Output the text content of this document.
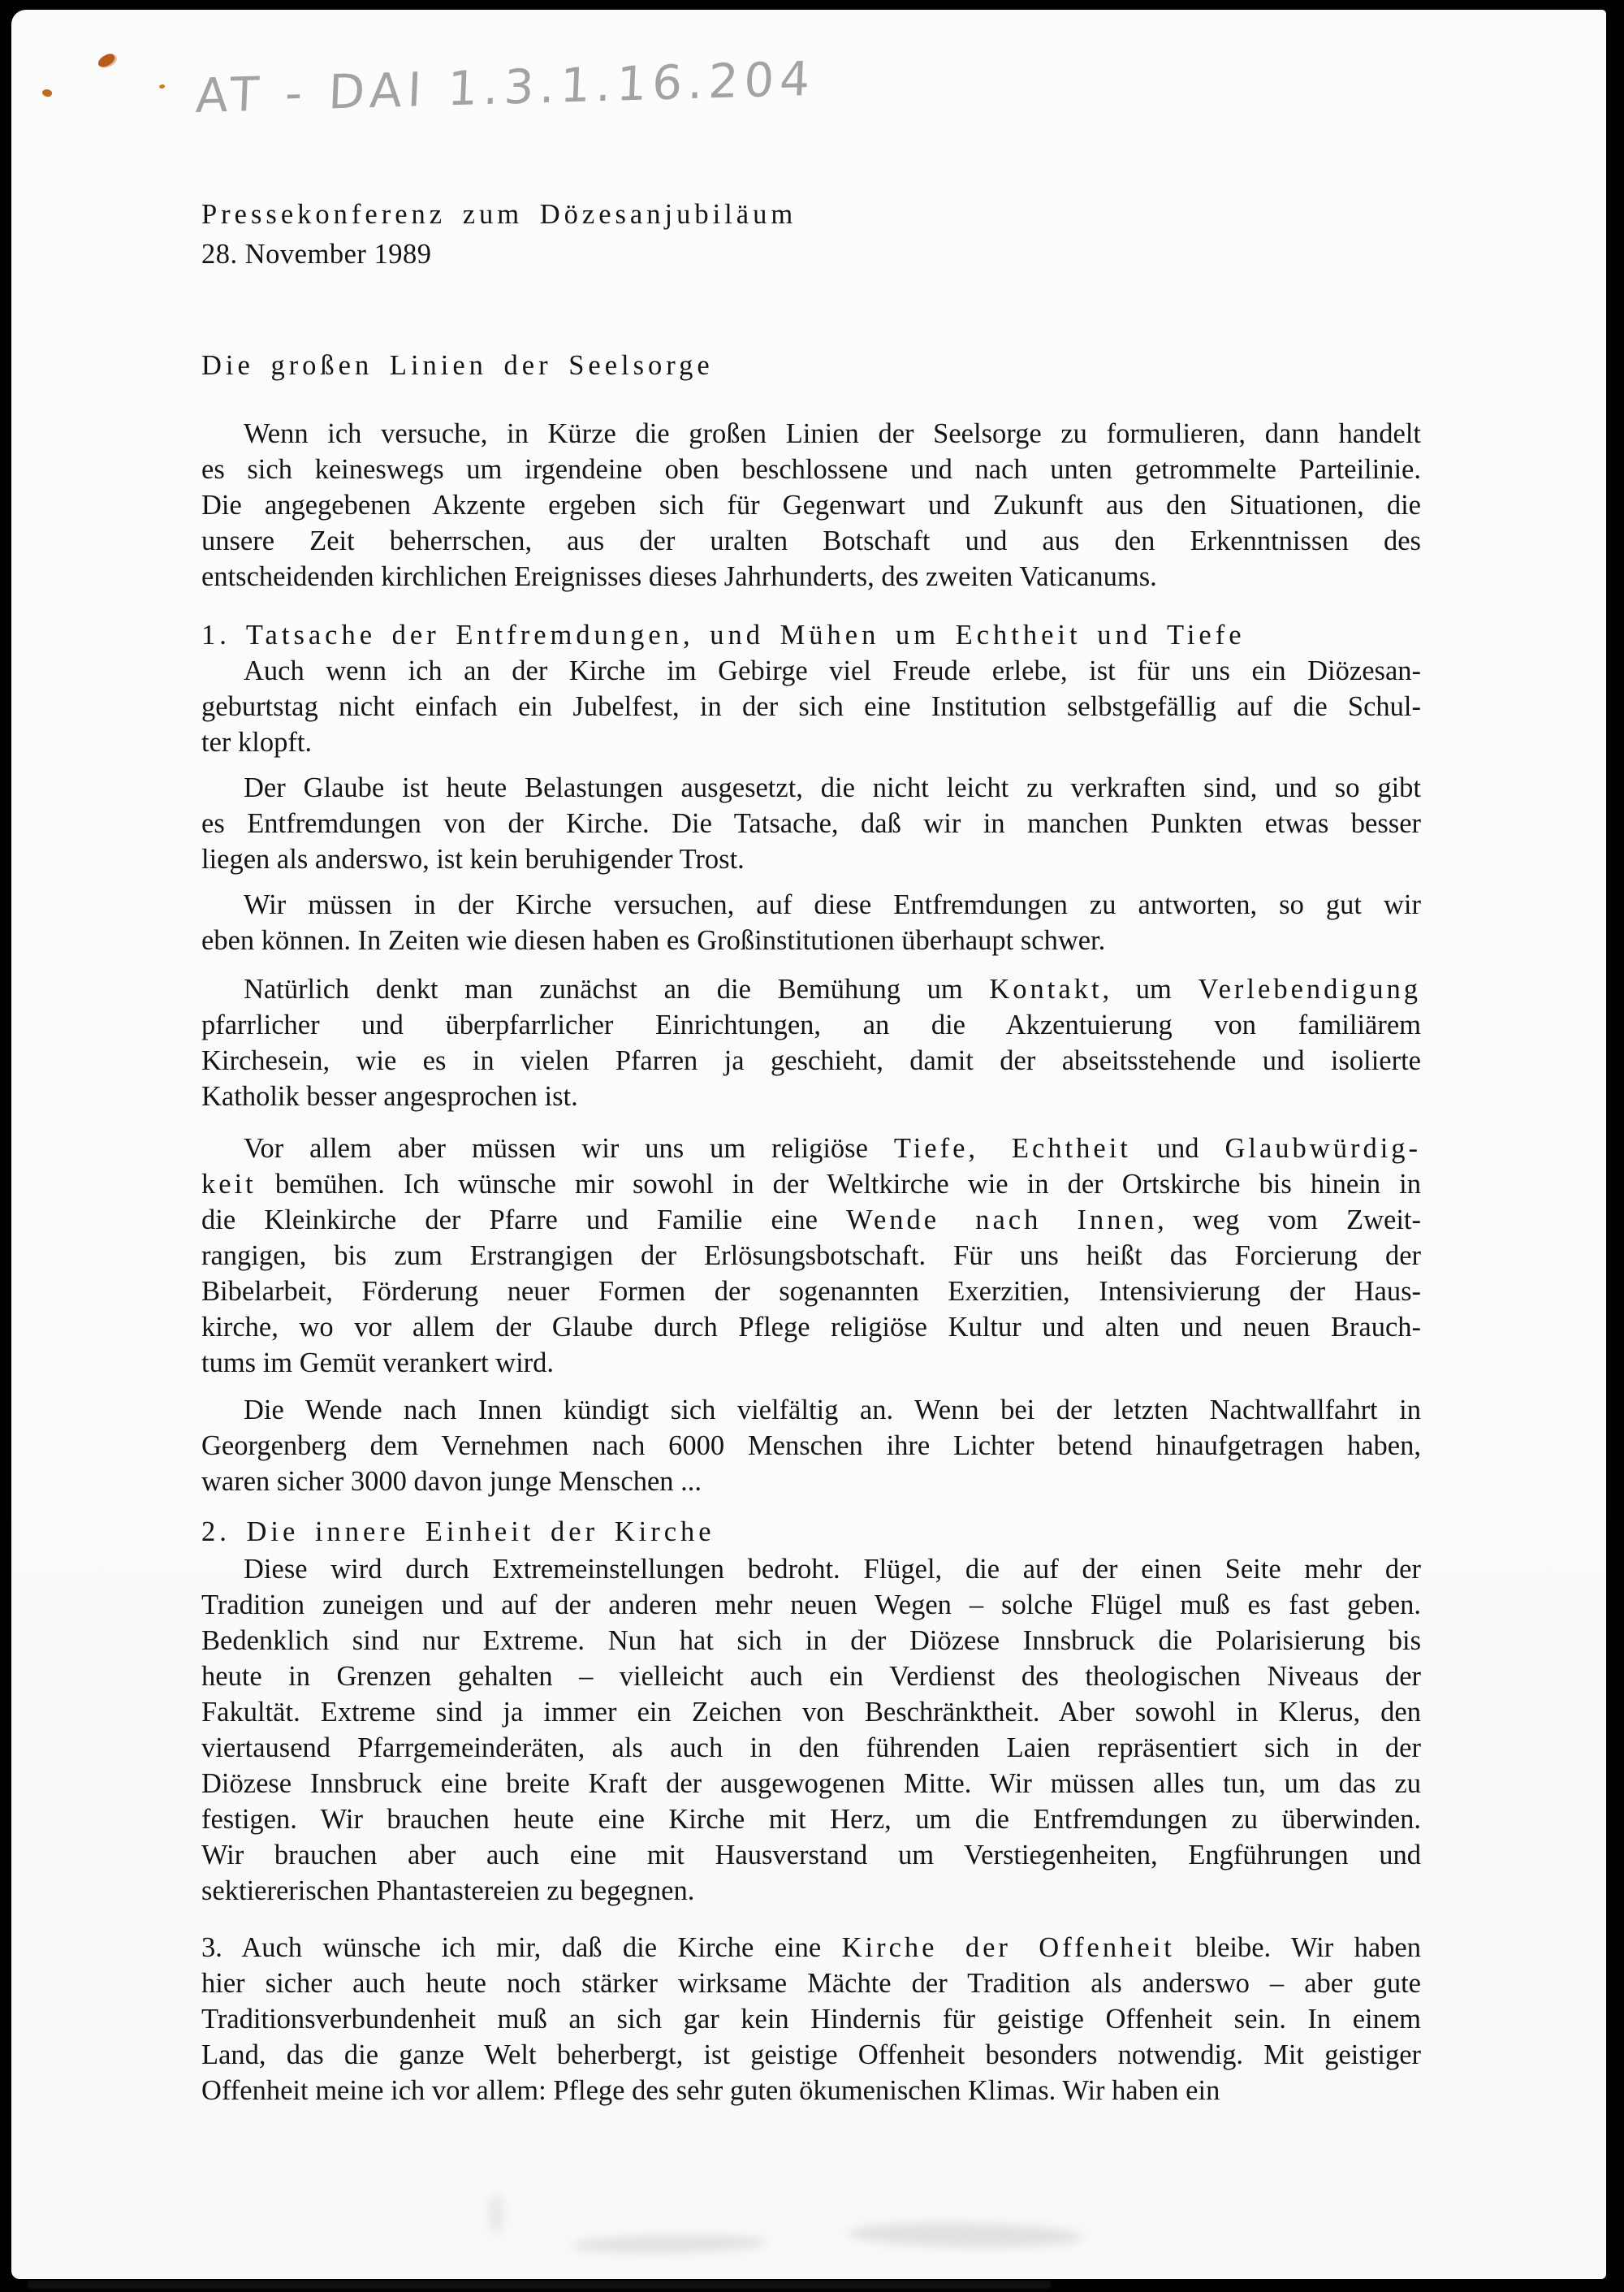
AT - DAI 1.3.1.16.204
Pressekonferenz zum Dözesanjubiläum
28. November 1989
Die großen Linien der Seelsorge
Wenn ich versuche, in Kürze die großen Linien der Seelsorge zu formulieren, dann handelt
es sich keineswegs um irgendeine oben beschlossene und nach unten getrommelte Parteilinie.
Die angegebenen Akzente ergeben sich für Gegenwart und Zukunft aus den Situationen, die
unsere Zeit beherrschen, aus der uralten Botschaft und aus den Erkenntnissen des
entscheidenden kirchlichen Ereignisses dieses Jahrhunderts, des zweiten Vaticanums.
1. Tatsache der Entfremdungen, und Mühen um Echtheit und Tiefe
Auch wenn ich an der Kirche im Gebirge viel Freude erlebe, ist für uns ein Diözesan-
geburtstag nicht einfach ein Jubelfest, in der sich eine Institution selbstgefällig auf die Schul-
ter klopft.
Der Glaube ist heute Belastungen ausgesetzt, die nicht leicht zu verkraften sind, und so gibt
es Entfremdungen von der Kirche. Die Tatsache, daß wir in manchen Punkten etwas besser
liegen als anderswo, ist kein beruhigender Trost.
Wir müssen in der Kirche versuchen, auf diese Entfremdungen zu antworten, so gut wir
eben können. In Zeiten wie diesen haben es Großinstitutionen überhaupt schwer.
Natürlich denkt man zunächst an die Bemühung um Kontakt, um Verlebendigung
pfarrlicher und überpfarrlicher Einrichtungen, an die Akzentuierung von familiärem
Kirchesein, wie es in vielen Pfarren ja geschieht, damit der abseitsstehende und isolierte
Katholik besser angesprochen ist.
Vor allem aber müssen wir uns um religiöse Tiefe, Echtheit und Glaubwürdig-
keit bemühen. Ich wünsche mir sowohl in der Weltkirche wie in der Ortskirche bis hinein in
die Kleinkirche der Pfarre und Familie eine Wende nach Innen, weg vom Zweit-
rangigen, bis zum Erstrangigen der Erlösungsbotschaft. Für uns heißt das Forcierung der
Bibelarbeit, Förderung neuer Formen der sogenannten Exerzitien, Intensivierung der Haus-
kirche, wo vor allem der Glaube durch Pflege religiöse Kultur und alten und neuen Brauch-
tums im Gemüt verankert wird.
Die Wende nach Innen kündigt sich vielfältig an. Wenn bei der letzten Nachtwallfahrt in
Georgenberg dem Vernehmen nach 6000 Menschen ihre Lichter betend hinaufgetragen haben,
waren sicher 3000 davon junge Menschen ...
2. Die innere Einheit der Kirche
Diese wird durch Extremeinstellungen bedroht. Flügel, die auf der einen Seite mehr der
Tradition zuneigen und auf der anderen mehr neuen Wegen – solche Flügel muß es fast geben.
Bedenklich sind nur Extreme. Nun hat sich in der Diözese Innsbruck die Polarisierung bis
heute in Grenzen gehalten – vielleicht auch ein Verdienst des theologischen Niveaus der
Fakultät. Extreme sind ja immer ein Zeichen von Beschränktheit. Aber sowohl in Klerus, den
viertausend Pfarrgemeinderäten, als auch in den führenden Laien repräsentiert sich in der
Diözese Innsbruck eine breite Kraft der ausgewogenen Mitte. Wir müssen alles tun, um das zu
festigen. Wir brauchen heute eine Kirche mit Herz, um die Entfremdungen zu überwinden.
Wir brauchen aber auch eine mit Hausverstand um Verstiegenheiten, Engführungen und
sektiererischen Phantastereien zu begegnen.
3. Auch wünsche ich mir, daß die Kirche eine Kirche der Offenheit bleibe. Wir haben
hier sicher auch heute noch stärker wirksame Mächte der Tradition als anderswo – aber gute
Traditionsverbundenheit muß an sich gar kein Hindernis für geistige Offenheit sein. In einem
Land, das die ganze Welt beherbergt, ist geistige Offenheit besonders notwendig. Mit geistiger
Offenheit meine ich vor allem: Pflege des sehr guten ökumenischen Klimas. Wir haben ein
